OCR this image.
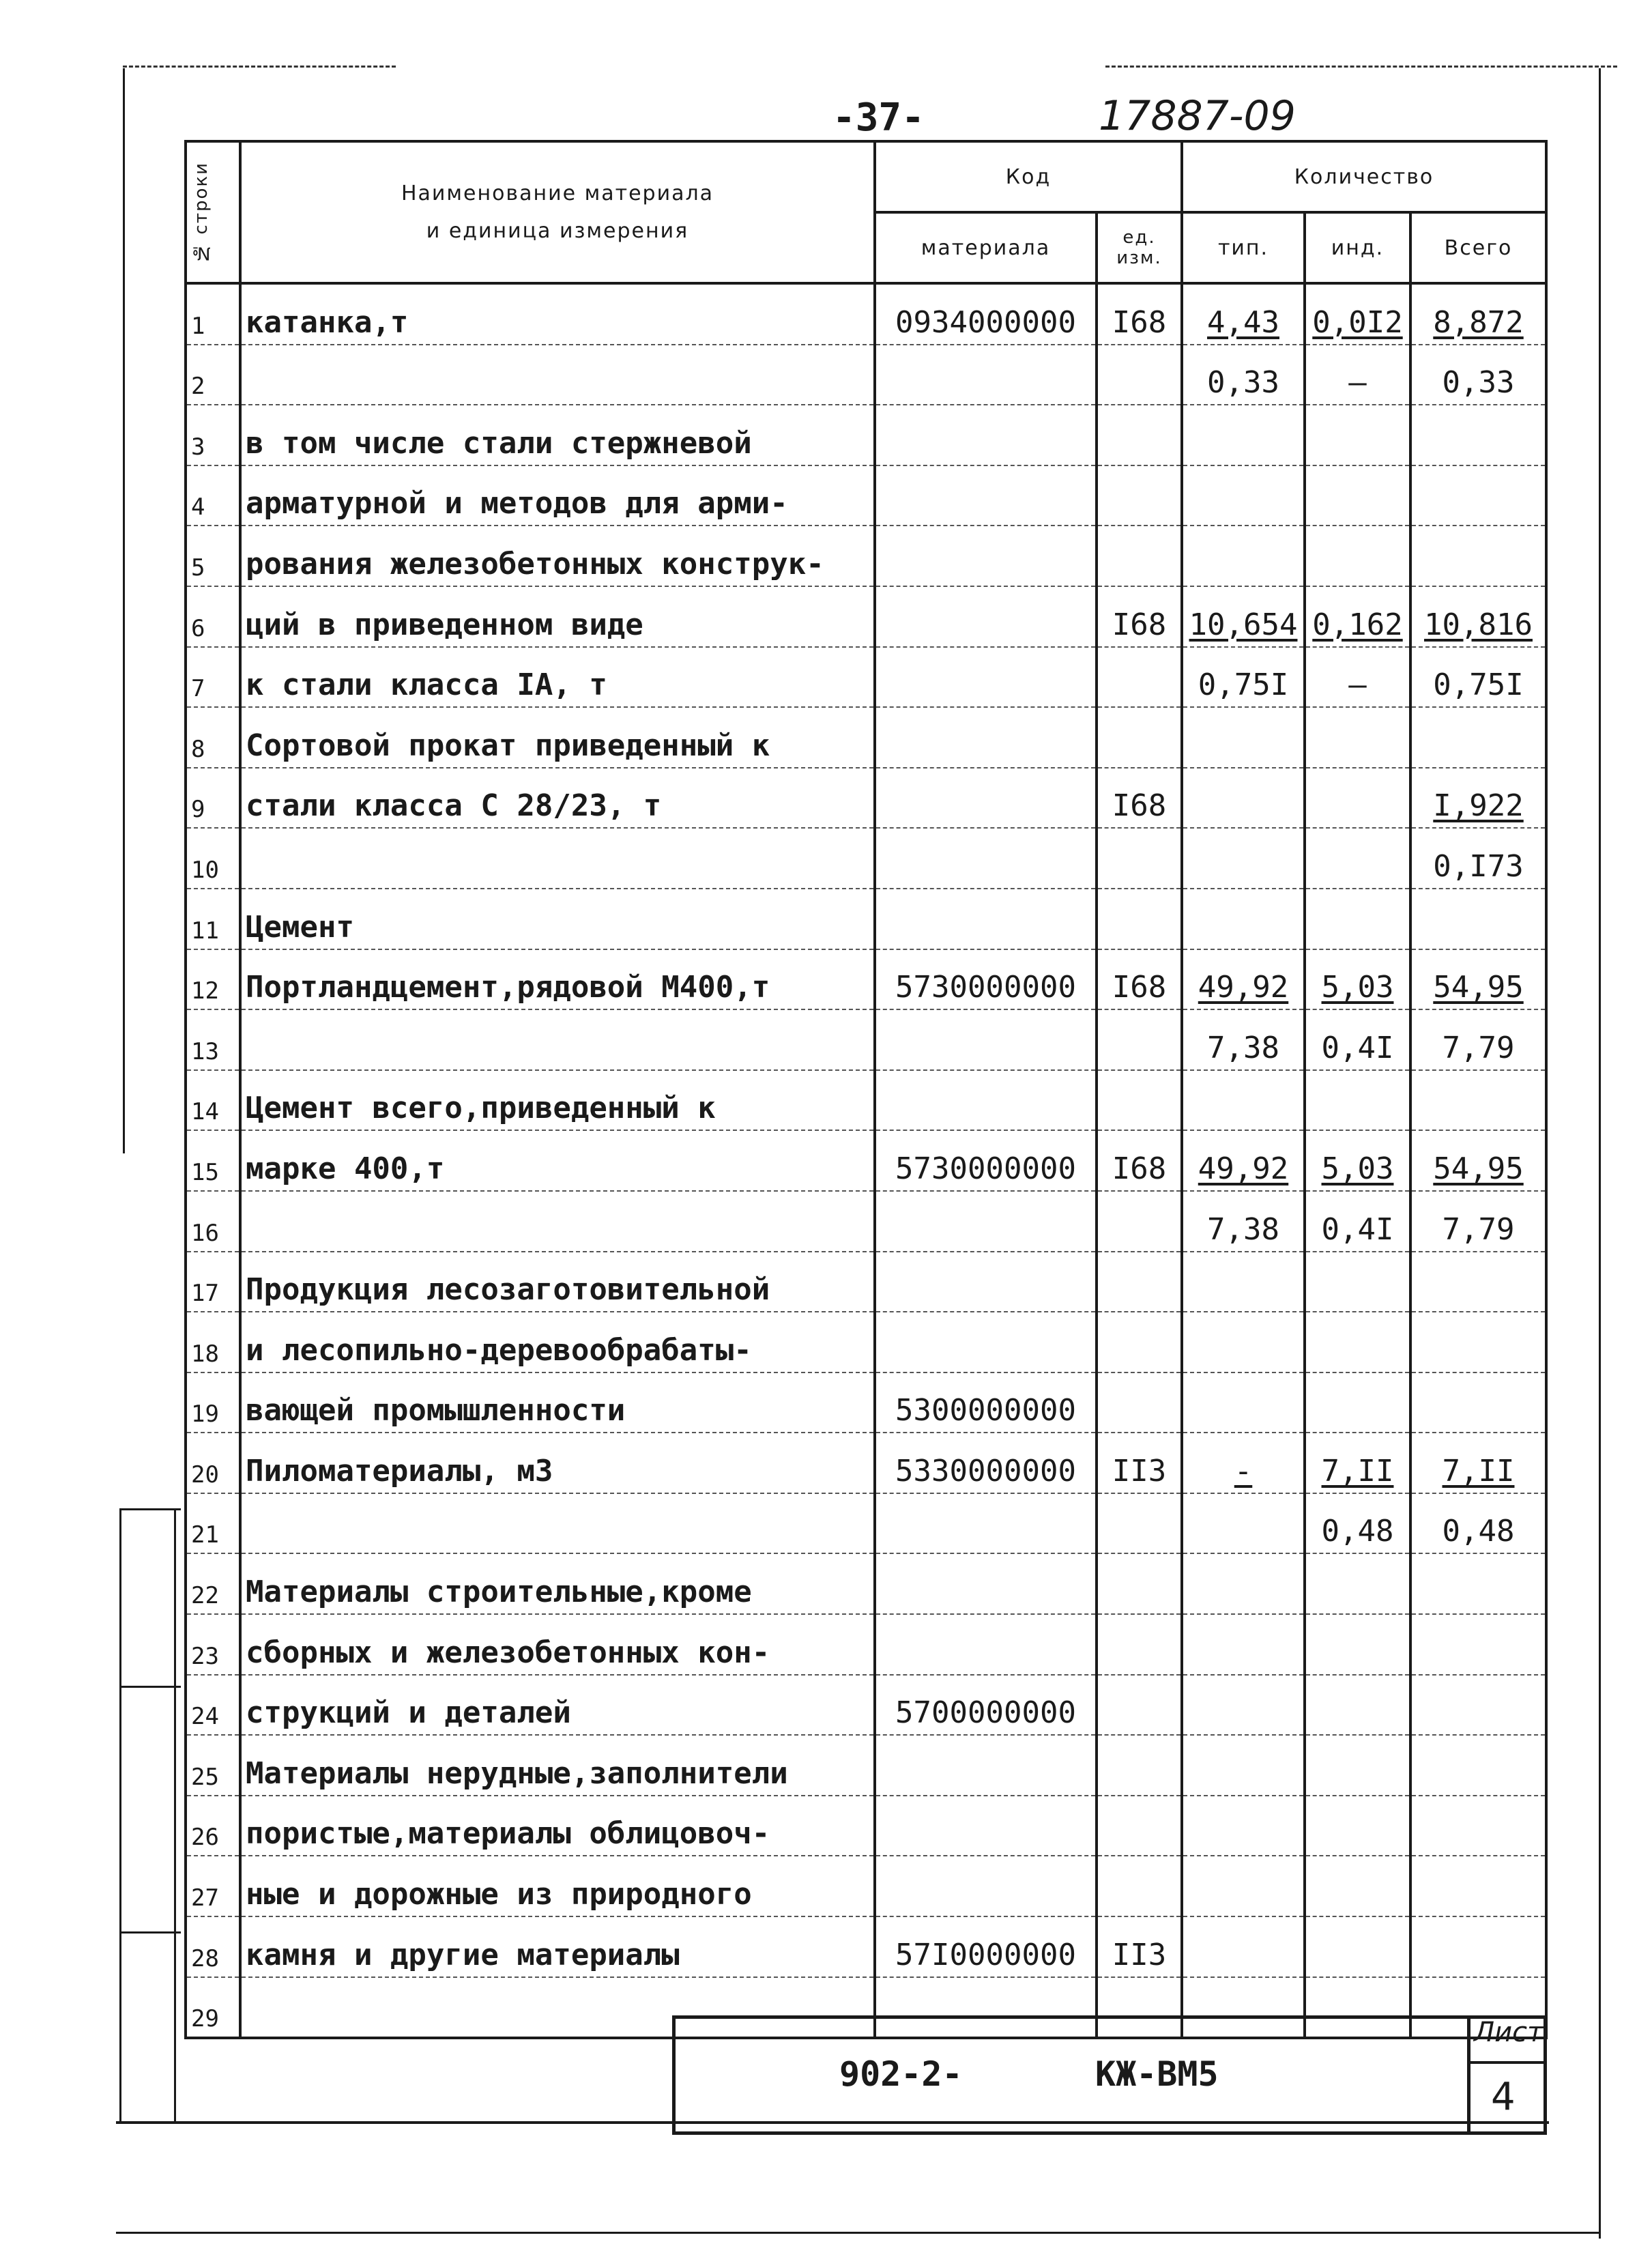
-37-	17887-09
№ строки	Наименование материала
и единица измерения	Код		Количество		
		материала	ед. изм.	тип.	инд.	Всего
1	катанка,т	0934000000	I68	4,43	0,0I2	8,872
2				0,33	—	0,33
3	в том числе стали стержневой					
4	арматурной и методов для арми-					
5	рования железобетонных конструк-					
6	ций в приведенном виде		I68	10,654	0,162	10,816
7	к стали класса IA, т			0,75I	—	0,75I
8	Сортовой прокат приведенный к					
9	стали класса С 28/23, т		I68			I,922
10						0,I73
11	Цемент					
12	Портландцемент,рядовой М400,т	5730000000	I68	49,92	5,03	54,95
13				7,38	0,4I	7,79
14	Цемент всего,приведенный к					
15	марке 400,т	5730000000	I68	49,92	5,03	54,95
16				7,38	0,4I	7,79
17	Продукция лесозаготовительной					
18	и лесопильно-деревообрабаты-					
19	вающей промышленности	5300000000				
20	Пиломатериалы, м3	5330000000	II3	-	7,II	7,II
21					0,48	0,48
22	Материалы строительные,кроме					
23	сборных и железобетонных кон-					
24	струкций и деталей	5700000000				
25	Материалы нерудные,заполнители					
26	пористые,материалы облицовоч-					
27	ные и дорожные из природного					
28	камня и другие материалы	57I0000000	II3			
29						
902-2-	КЖ-ВМ5
Лист
4
